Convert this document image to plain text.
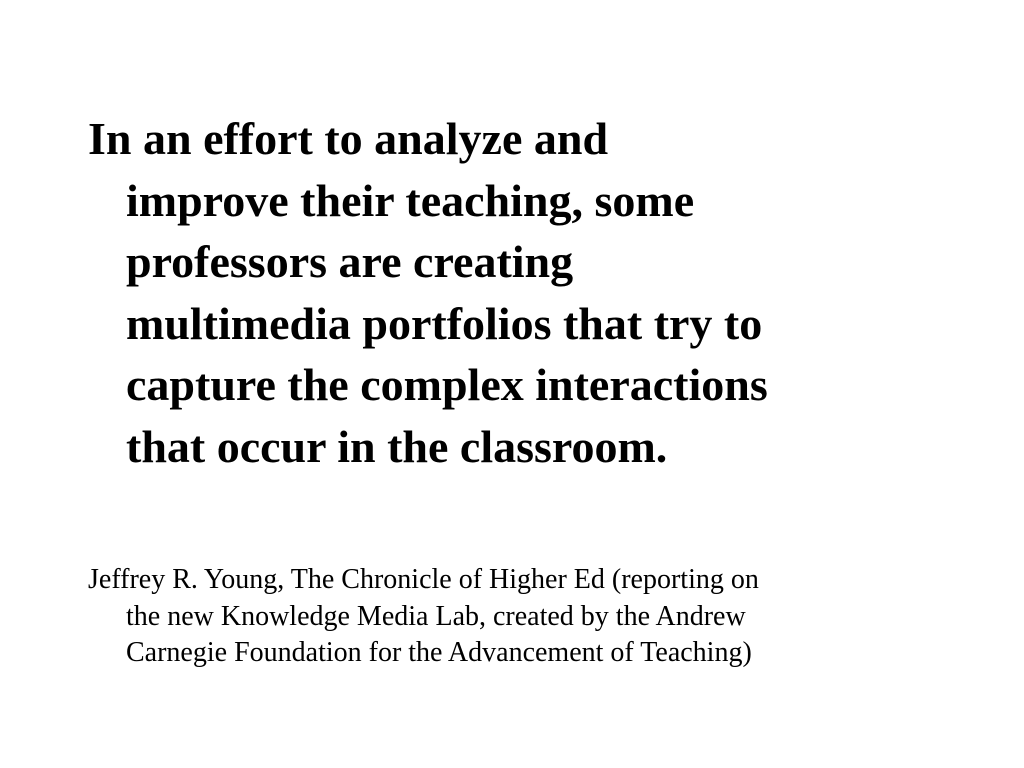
In an effort to analyze and
improve their teaching, some
professors are creating
multimedia portfolios that try to
capture the complex interactions
that occur in the classroom.

Jeffrey R. Young, The Chronicle of Higher Ed (reporting on
the new Knowledge Media Lab, created by the Andrew
Carnegie Foundation for the Advancement of Teaching)
